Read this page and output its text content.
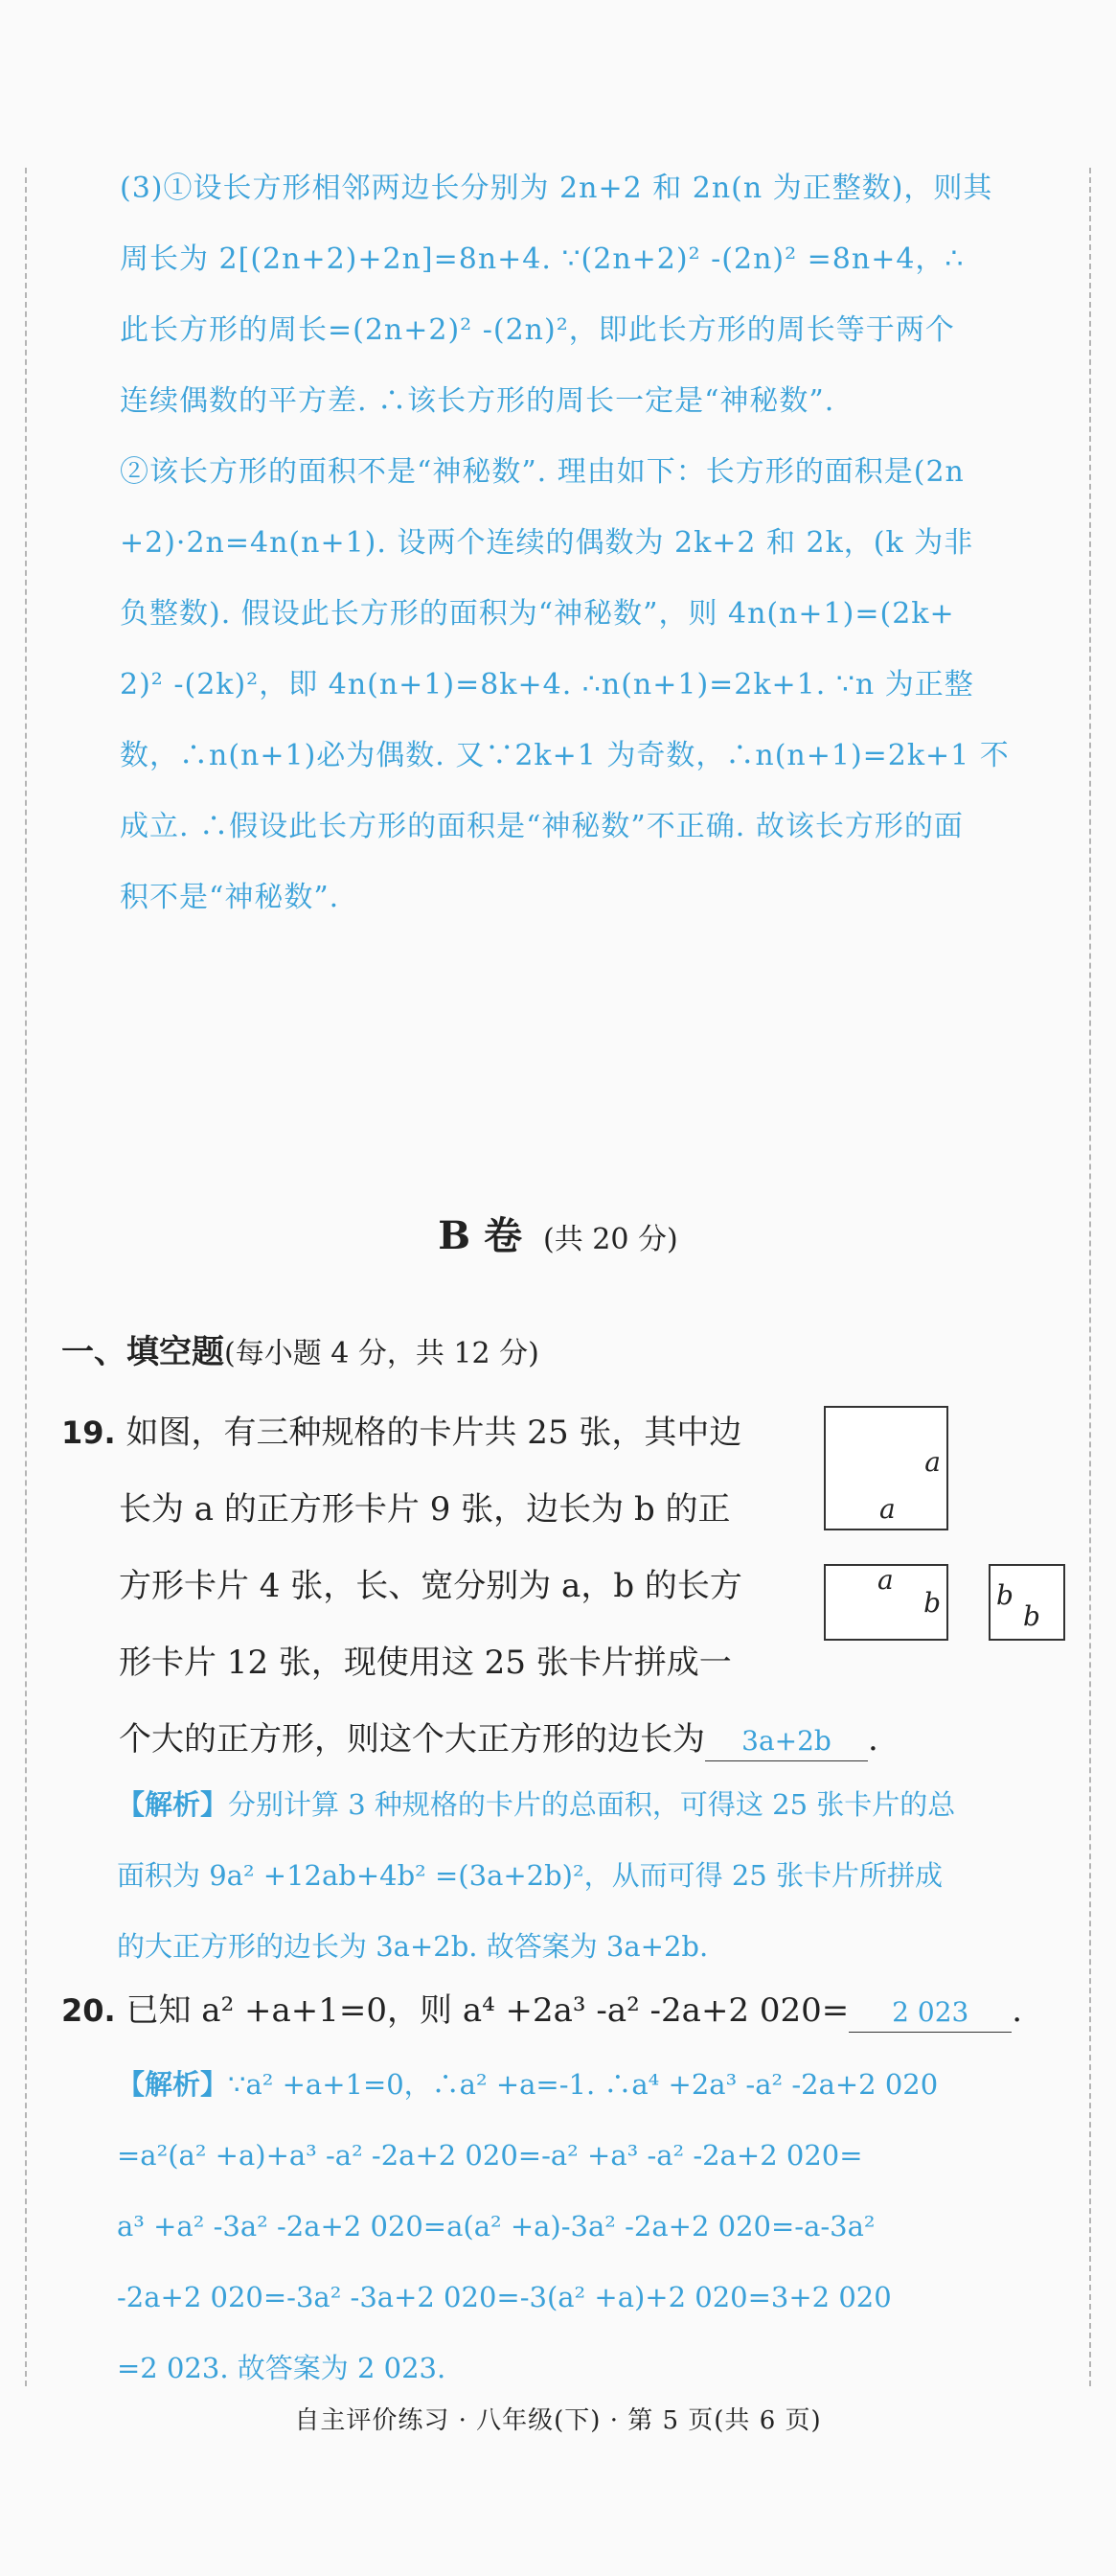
(3)①设长方形相邻两边长分别为 2n+2 和 2n(n 为正整数)，则其

周长为 2[(2n+2)+2n]=8n+4. ∵(2n+2)² -(2n)² =8n+4，∴

此长方形的周长=(2n+2)² -(2n)²，即此长方形的周长等于两个

连续偶数的平方差. ∴该长方形的周长一定是“神秘数”.

②该长方形的面积不是“神秘数”. 理由如下：长方形的面积是(2n

+2)·2n=4n(n+1). 设两个连续的偶数为 2k+2 和 2k，(k 为非

负整数). 假设此长方形的面积为“神秘数”，则 4n(n+1)=(2k+

2)² -(2k)²，即 4n(n+1)=8k+4. ∴n(n+1)=2k+1. ∵n 为正整

数，∴n(n+1)必为偶数. 又∵2k+1 为奇数，∴n(n+1)=2k+1 不

成立. ∴假设此长方形的面积是“神秘数”不正确. 故该长方形的面

积不是“神秘数”.

B 卷 (共 20 分)
一、填空题(每小题 4 分，共 12 分)
19. 如图，有三种规格的卡片共 25 张，其中边
长为 a 的正方形卡片 9 张，边长为 b 的正
方形卡片 4 张，长、宽分别为 a，b 的长方
形卡片 12 张，现使用这 25 张卡片拼成一
个大的正方形，则这个大正方形的边长为 3a+2b .
a
a
a
b b
b

【解析】分别计算 3 种规格的卡片的总面积，可得这 25 张卡片的总

面积为 9a² +12ab+4b² =(3a+2b)²，从而可得 25 张卡片所拼成

的大正方形的边长为 3a+2b. 故答案为 3a+2b.

20. 已知 a² +a+1=0，则 a⁴ +2a³ -a² -2a+2 020= 2 023 .

【解析】∵a² +a+1=0，∴a² +a=-1. ∴a⁴ +2a³ -a² -2a+2 020

=a²(a² +a)+a³ -a² -2a+2 020=-a² +a³ -a² -2a+2 020=

a³ +a² -3a² -2a+2 020=a(a² +a)-3a² -2a+2 020=-a-3a²

-2a+2 020=-3a² -3a+2 020=-3(a² +a)+2 020=3+2 020

=2 023. 故答案为 2 023.

自主评价练习 · 八年级(下) · 第 5 页(共 6 页)
